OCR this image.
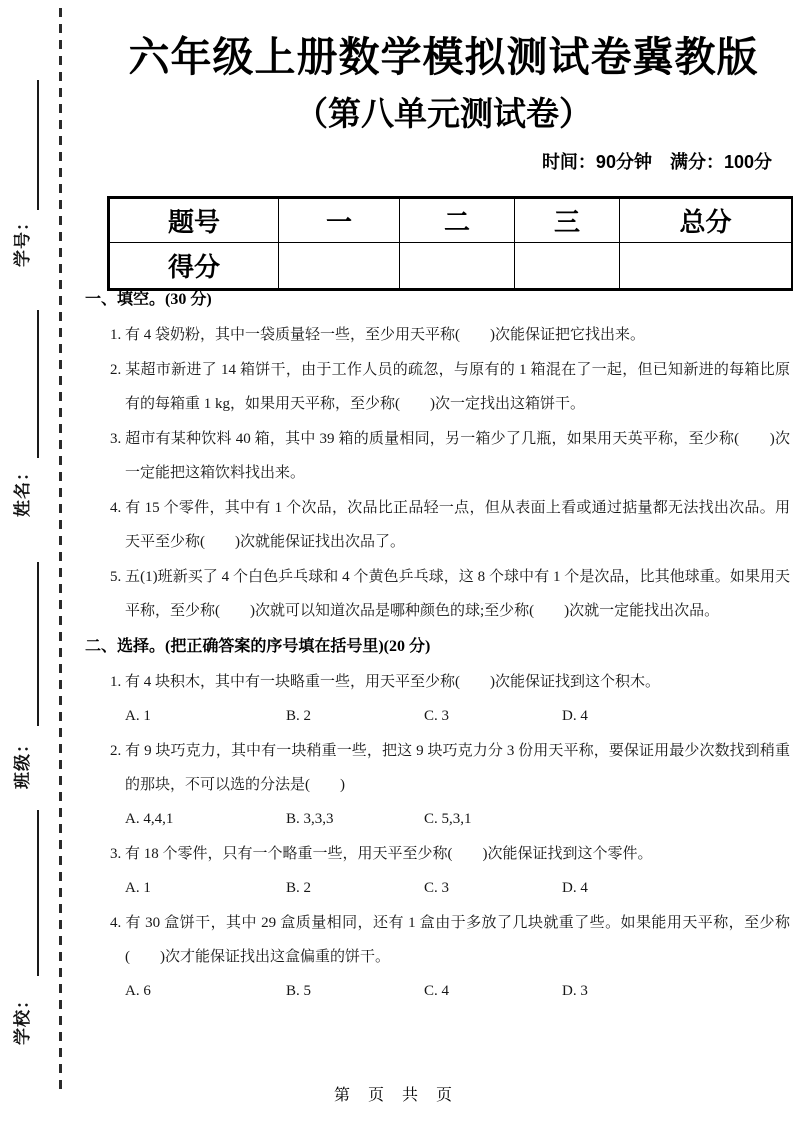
学号：
姓名：
班级：
学校：
六年级上册数学模拟测试卷冀教版
（第八单元测试卷）
时间：90分钟　满分：100分
题号	一	二	三	总分
得分				
一、填空。(30 分)
1. 有 4 袋奶粉，其中一袋质量轻一些，至少用天平称(　　)次能保证把它找出来。
2. 某超市新进了 14 箱饼干，由于工作人员的疏忽，与原有的 1 箱混在了一起，但已知新进的每箱比原有的每箱重 1 kg，如果用天平称，至少称(　　)次一定找出这箱饼干。
3. 超市有某种饮料 40 箱，其中 39 箱的质量相同，另一箱少了几瓶，如果用天英平称，至少称(　　)次一定能把这箱饮料找出来。
4. 有 15 个零件，其中有 1 个次品，次品比正品轻一点，但从表面上看或通过掂量都无法找出次品。用天平至少称(　　)次就能保证找出次品了。
5. 五(1)班新买了 4 个白色乒乓球和 4 个黄色乒乓球，这 8 个球中有 1 个是次品，比其他球重。如果用天平称，至少称(　　)次就可以知道次品是哪种颜色的球;至少称(　　)次就一定能找出次品。
二、选择。(把正确答案的序号填在括号里)(20 分)
1. 有 4 块积木，其中有一块略重一些，用天平至少称(　　)次能保证找到这个积木。
A. 1	B. 2	C. 3	D. 4
2. 有 9 块巧克力，其中有一块稍重一些，把这 9 块巧克力分 3 份用天平称，要保证用最少次数找到稍重的那块，不可以选的分法是(　　)
A. 4,4,1	B. 3,3,3	C. 5,3,1
3. 有 18 个零件，只有一个略重一些，用天平至少称(　　)次能保证找到这个零件。
A. 1	B. 2	C. 3	D. 4
4. 有 30 盒饼干，其中 29 盒质量相同，还有 1 盒由于多放了几块就重了些。如果能用天平称，至少称(　　)次才能保证找出这盒偏重的饼干。
A. 6	B. 5	C. 4	D. 3
第 页 共 页
